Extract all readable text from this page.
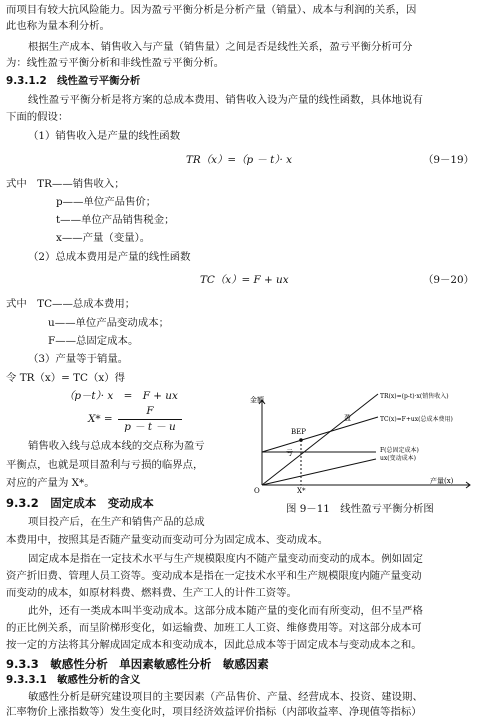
而项目有较大抗风险能力。因为盈亏平衡分析是分析产量（销量）、成本与利润的关系，因
此也称为量本利分析。
根据生产成本、销售收入与产量（销售量）之间是否是线性关系，盈亏平衡分析可分
为：线性盈亏平衡分析和非线性盈亏平衡分析。
9.3.1.2　线性盈亏平衡分析
线性盈亏平衡分析是将方案的总成本费用、销售收入设为产量的线性函数，具体地说有
下面的假设：
（1）销售收入是产量的线性函数
TR（x）=（p － t）· x	（9－19）
式中　TR——销售收入；
p——单位产品售价；
t——单位产品销售税金；
x——产量（变量）。
（2）总成本费用是产量的线性函数
TC（x）= F + ux	（9－20）
式中　TC——总成本费用；
u——单位产品变动成本；
F——总固定成本。
（3）产量等于销量。
令 TR（x）= TC（x）得
（p－t）· x　=　F + ux
X* =
F
p － t － u
销售收入线与总成本线的交点称为盈亏
平衡点，也就是项目盈利与亏损的临界点，
对应的产量为 X*。
9.3.2　固定成本　变动成本
项目投产后，在生产和销售产品的总成
本费用中，按照其是否随产量变动而变动可分为固定成本、变动成本。
金额
产量(x)
O
BEP
盈
亏
X*
TR(x)=(p-t)·x(销售收入)
TC(x)=F+ux(总成本费用)
F(总固定成本)
ux(变动成本)
图 9－11　线性盈亏平衡分析图
固定成本是指在一定技术水平与生产规模限度内不随产量变动而变动的成本。例如固定
资产折旧费、管理人员工资等。变动成本是指在一定技术水平和生产规模限度内随产量变动
而变动的成本，如原材料费、燃料费、生产工人的计件工资等。
此外，还有一类成本叫半变动成本。这部分成本随产量的变化而有所变动，但不呈严格
的正比例关系，而呈阶梯形变化，如运输费、加班工人工资、维修费用等。对这部分成本可
按一定的方法将其分解成固定成本和变动成本，因此总成本等于固定成本与变动成本之和。
9.3.3　敏感性分析　单因素敏感性分析　敏感因素
9.3.3.1　敏感性分析的含义
敏感性分析是研究建设项目的主要因素（产品售价、产量、经营成本、投资、建设期、
汇率物价上涨指数等）发生变化时，项目经济效益评价指标（内部收益率、净现值等指标）
